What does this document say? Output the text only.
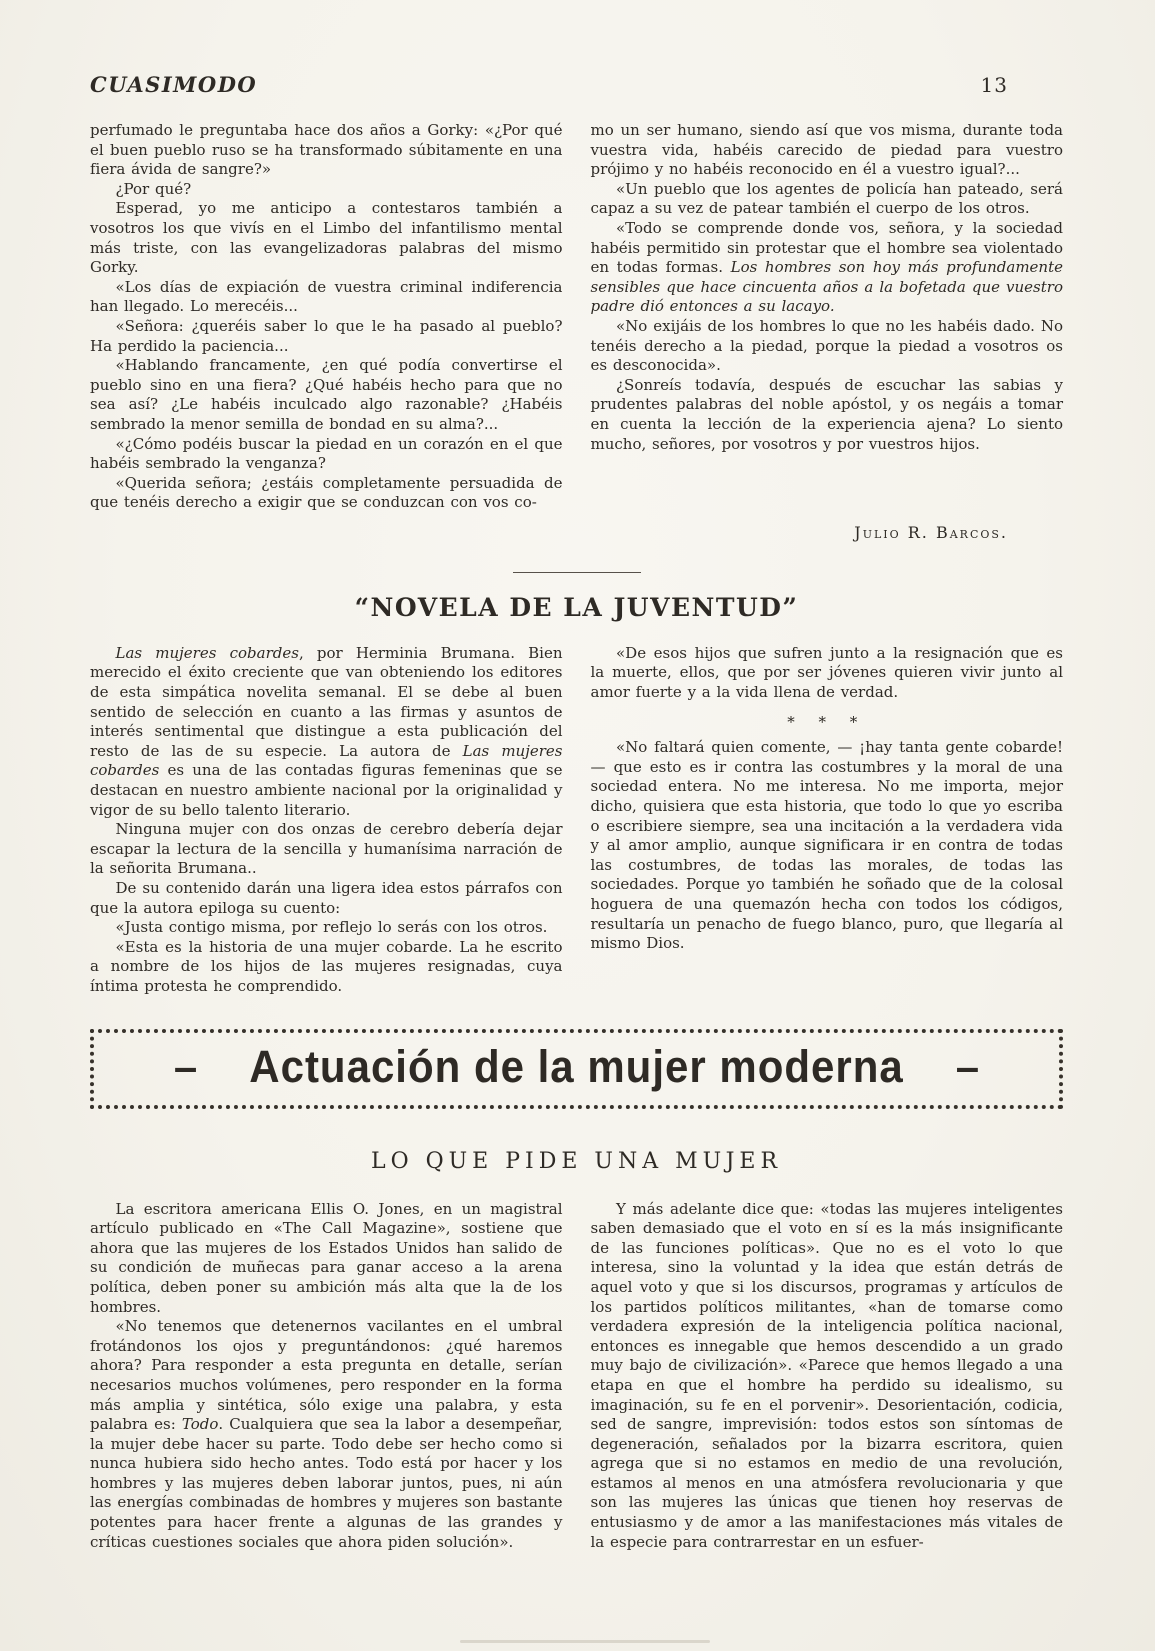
CUASIMODO	13

perfumado le preguntaba hace dos años a Gorky: «¿Por qué el buen pueblo ruso se ha transformado súbitamente en una fiera ávida de sangre?»

¿Por qué?

Esperad, yo me anticipo a contestaros también a vosotros los que vivís en el Limbo del infantilismo mental más triste, con las evangelizadoras palabras del mismo Gorky.

«Los días de expiación de vuestra criminal indiferencia han llegado. Lo merecéis...

«Señora: ¿queréis saber lo que le ha pasado al pueblo? Ha perdido la paciencia...

«Hablando francamente, ¿en qué podía convertirse el pueblo sino en una fiera? ¿Qué habéis hecho para que no sea así? ¿Le habéis inculcado algo razonable? ¿Habéis sembrado la menor semilla de bondad en su alma?...

«¿Cómo podéis buscar la piedad en un corazón en el que habéis sembrado la venganza?

«Querida señora; ¿estáis completamente persuadida de que tenéis derecho a exigir que se conduzcan con vos co-

mo un ser humano, siendo así que vos misma, durante toda vuestra vida, habéis carecido de piedad para vuestro prójimo y no habéis reconocido en él a vuestro igual?...

«Un pueblo que los agentes de policía han pateado, será capaz a su vez de patear también el cuerpo de los otros.

«Todo se comprende donde vos, señora, y la sociedad habéis permitido sin protestar que el hombre sea violentado en todas formas. Los hombres son hoy más profundamente sensibles que hace cincuenta años a la bofetada que vuestro padre dió entonces a su lacayo.

«No exijáis de los hombres lo que no les habéis dado. No tenéis derecho a la piedad, porque la piedad a vosotros os es desconocida».

¿Sonreís todavía, después de escuchar las sabias y prudentes palabras del noble apóstol, y os negáis a tomar en cuenta la lección de la experiencia ajena? Lo siento mucho, señores, por vosotros y por vuestros hijos.

Julio R. Barcos.
“NOVELA DE LA JUVENTUD”

Las mujeres cobardes, por Herminia Brumana. Bien merecido el éxito creciente que van obteniendo los editores de esta simpática novelita semanal. El se debe al buen sentido de selección en cuanto a las firmas y asuntos de interés sentimental que distingue a esta publicación del resto de las de su especie. La autora de Las mujeres cobardes es una de las contadas figuras femeninas que se destacan en nuestro ambiente nacional por la originalidad y vigor de su bello talento literario.

Ninguna mujer con dos onzas de cerebro debería dejar escapar la lectura de la sencilla y humanísima narración de la señorita Brumana..

De su contenido darán una ligera idea estos párrafos con que la autora epiloga su cuento:

«Justa contigo misma, por reflejo lo serás con los otros.

«Esta es la historia de una mujer cobarde. La he escrito a nombre de los hijos de las mujeres resignadas, cuya íntima protesta he comprendido.

«De esos hijos que sufren junto a la resignación que es la muerte, ellos, que por ser jóvenes quieren vivir junto al amor fuerte y a la vida llena de verdad.

* * *

«No faltará quien comente, — ¡hay tanta gente cobarde! — que esto es ir contra las costumbres y la moral de una sociedad entera. No me interesa. No me importa, mejor dicho, quisiera que esta historia, que todo lo que yo escriba o escribiere siempre, sea una incitación a la verdadera vida y al amor amplio, aunque significara ir en contra de todas las costumbres, de todas las morales, de todas las sociedades. Porque yo también he soñado que de la colosal hoguera de una quemazón hecha con todos los códigos, resultaría un penacho de fuego blanco, puro, que llegaría al mismo Dios.

– Actuación de la mujer moderna –
LO QUE PIDE UNA MUJER

La escritora americana Ellis O. Jones, en un magistral artículo publicado en «The Call Magazine», sostiene que ahora que las mujeres de los Estados Unidos han salido de su condición de muñecas para ganar acceso a la arena política, deben poner su ambición más alta que la de los hombres.

«No tenemos que detenernos vacilantes en el umbral frotándonos los ojos y preguntándonos: ¿qué haremos ahora? Para responder a esta pregunta en detalle, serían necesarios muchos volúmenes, pero responder en la forma más amplia y sintética, sólo exige una palabra, y esta palabra es: Todo. Cualquiera que sea la labor a desempeñar, la mujer debe hacer su parte. Todo debe ser hecho como si nunca hubiera sido hecho antes. Todo está por hacer y los hombres y las mujeres deben laborar juntos, pues, ni aún las energías combinadas de hombres y mujeres son bastante potentes para hacer frente a algunas de las grandes y críticas cuestiones sociales que ahora piden solución».

Y más adelante dice que: «todas las mujeres inteligentes saben demasiado que el voto en sí es la más insignificante de las funciones políticas». Que no es el voto lo que interesa, sino la voluntad y la idea que están detrás de aquel voto y que si los discursos, programas y artículos de los partidos políticos militantes, «han de tomarse como verdadera expresión de la inteligencia política nacional, entonces es innegable que hemos descendido a un grado muy bajo de civilización». «Parece que hemos llegado a una etapa en que el hombre ha perdido su idealismo, su imaginación, su fe en el porvenir». Desorientación, codicia, sed de sangre, imprevisión: todos estos son síntomas de degeneración, señalados por la bizarra escritora, quien agrega que si no estamos en medio de una revolución, estamos al menos en una atmósfera revolucionaria y que son las mujeres las únicas que tienen hoy reservas de entusiasmo y de amor a las manifestaciones más vitales de la especie para contrarrestar en un esfuer-
